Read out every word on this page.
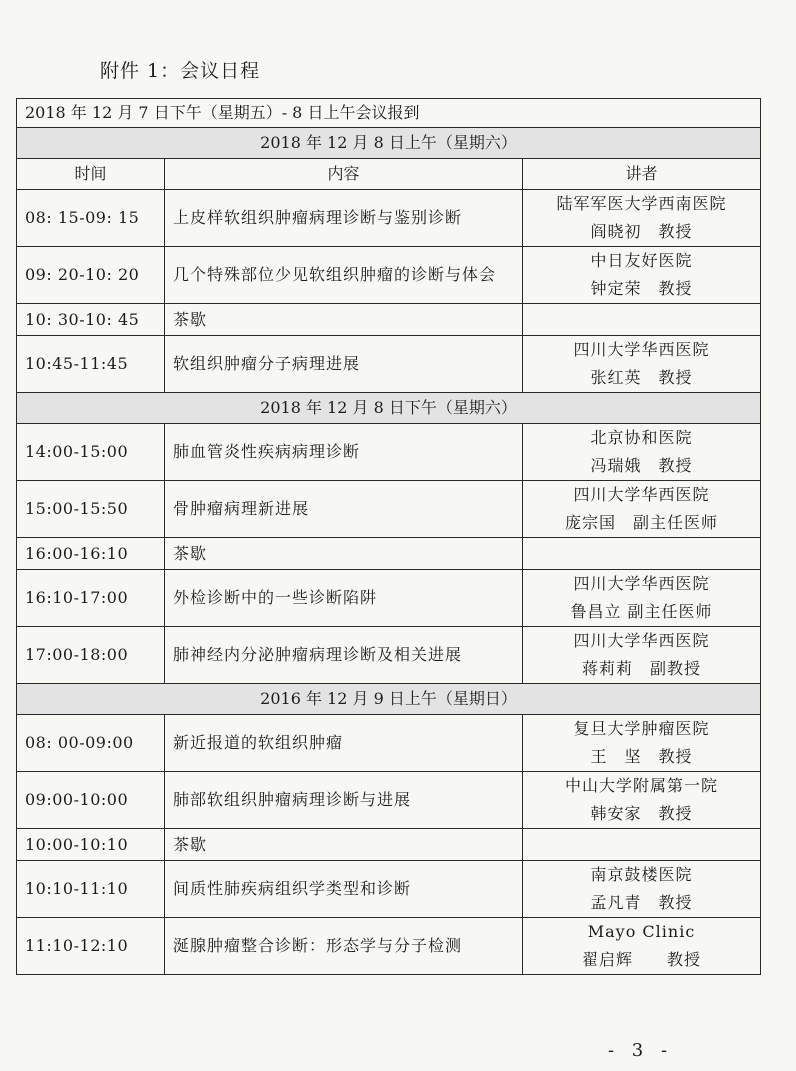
附件 1：会议日程
2018 年 12 月 7 日下午（星期五）- 8 日上午会议报到		
2018 年 12 月 8 日上午（星期六）		
时间	内容	讲者
08: 15-09: 15	上皮样软组织肿瘤病理诊断与鉴别诊断	陆军军医大学西南医院
阎晓初　教授

09: 20-10: 20	几个特殊部位少见软组织肿瘤的诊断与体会	中日友好医院
钟定荣　教授

10: 30-10: 45	茶歇	
10:45-11:45	软组织肿瘤分子病理进展	四川大学华西医院
张红英　教授

2018 年 12 月 8 日下午（星期六）		
14:00-15:00	肺血管炎性疾病病理诊断	北京协和医院
冯瑞娥　教授

15:00-15:50	骨肿瘤病理新进展	四川大学华西医院
庞宗国　副主任医师

16:00-16:10	茶歇	
16:10-17:00	外检诊断中的一些诊断陷阱	四川大学华西医院
鲁昌立 副主任医师

17:00-18:00	肺神经内分泌肿瘤病理诊断及相关进展	四川大学华西医院
蒋莉莉　副教授

2016 年 12 月 9 日上午（星期日）		
08: 00-09:00	新近报道的软组织肿瘤	复旦大学肿瘤医院
王　坚　教授

09:00-10:00	肺部软组织肿瘤病理诊断与进展	中山大学附属第一院
韩安家　教授

10:00-10:10	茶歇	
10:10-11:10	间质性肺疾病组织学类型和诊断	南京鼓楼医院
孟凡青　教授

11:10-12:10	涎腺肿瘤整合诊断：形态学与分子检测	Mayo Clinic
翟启辉　　教授
- 3 -
